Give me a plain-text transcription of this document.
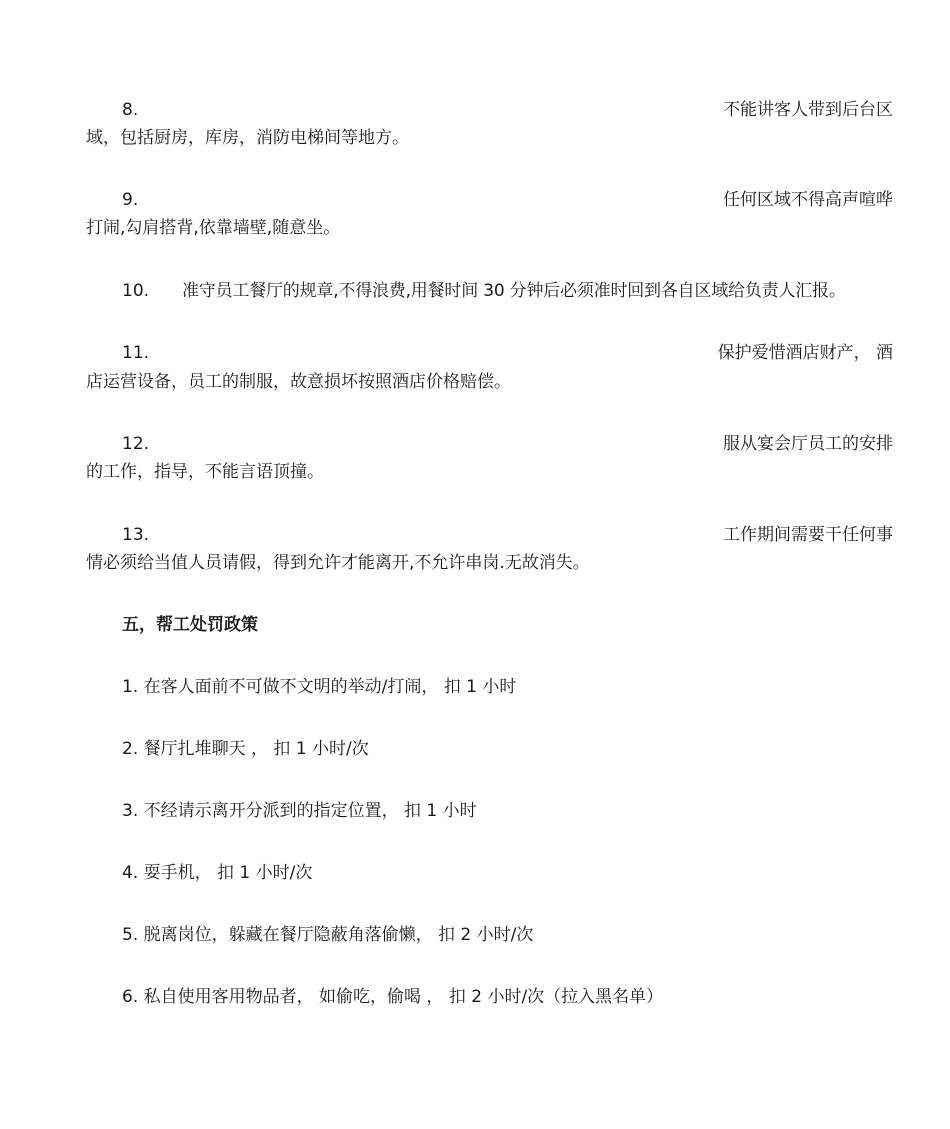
8.	不能讲客人带到后台区
域，包括厨房，库房，消防电梯间等地方。
9.	任何区域不得高声喧哗
打闹,勾肩搭背,依靠墙壁,随意坐。
10. 准守员工餐厅的规章,不得浪费,用餐时间 30 分钟后必须准时回到各自区域给负责人汇报。
11.	保护爱惜酒店财产， 酒
店运营设备，员工的制服，故意损坏按照酒店价格赔偿。
12.	服从宴会厅员工的安排
的工作，指导，不能言语顶撞。
13.	工作期间需要干任何事
情必须给当值人员请假，得到允许才能离开,不允许串岗.无故消失。
五，帮工处罚政策
1. 在客人面前不可做不文明的举动/打闹， 扣 1 小时
2. 餐厅扎堆聊天 ， 扣 1 小时/次
3. 不经请示离开分派到的指定位置， 扣 1 小时
4. 耍手机， 扣 1 小时/次
5. 脱离岗位，躲藏在餐厅隐蔽角落偷懒， 扣 2 小时/次
6. 私自使用客用物品者， 如偷吃，偷喝 ， 扣 2 小时/次（拉入黑名单）
